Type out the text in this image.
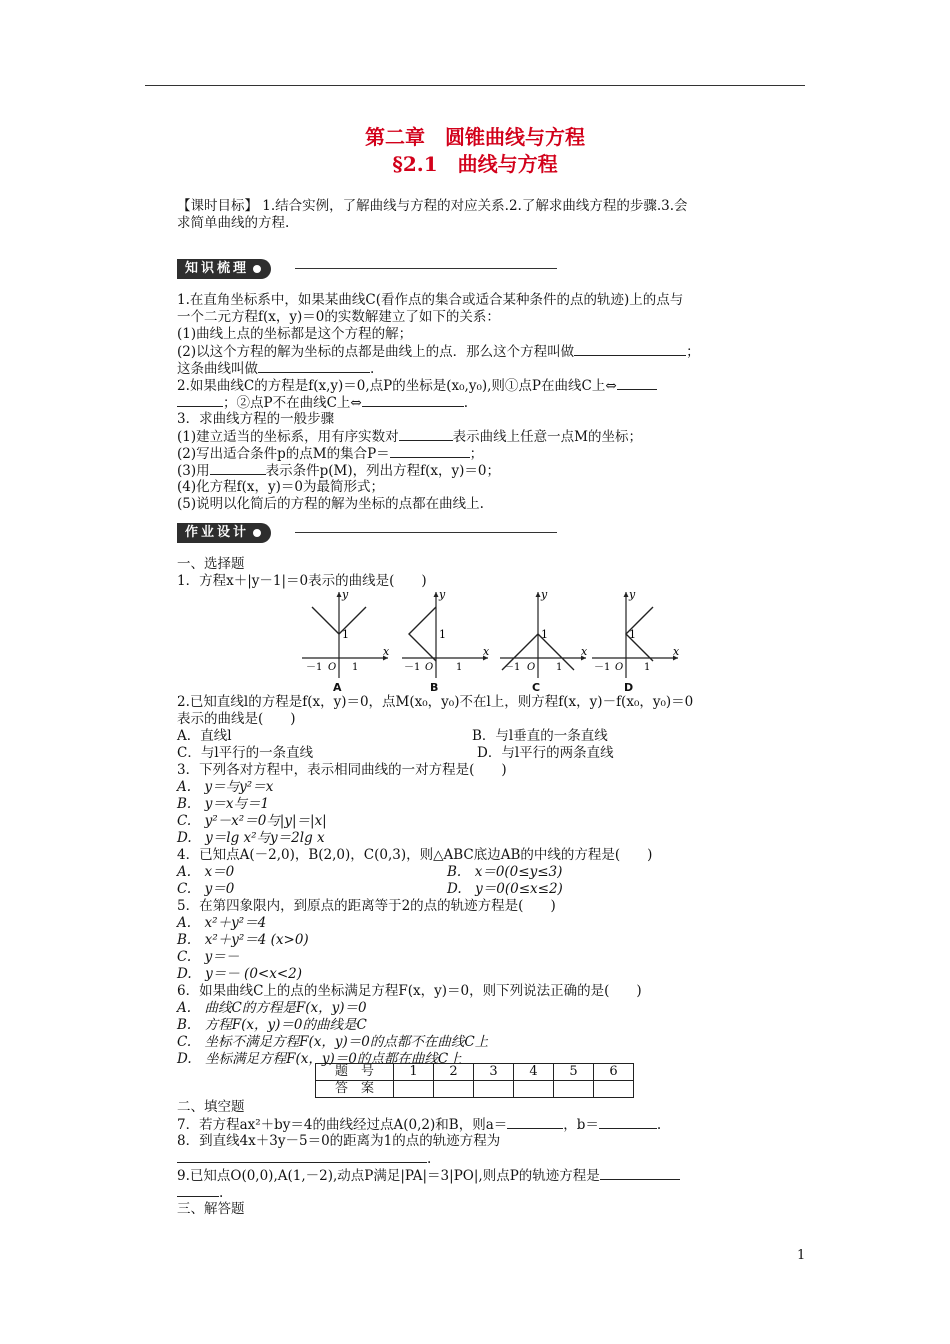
第二章　圆锥曲线与方程
§2.1　曲线与方程
【课时目标】 1.结合实例，了解曲线与方程的对应关系.2.了解求曲线方程的步骤.3.会
求简单曲线的方程.
知识梳理
1.在直角坐标系中，如果某曲线C(看作点的集合或适合某种条件的点的轨迹)上的点与
一个二元方程f(x，y)＝0的实数解建立了如下的关系：
(1)曲线上点的坐标都是这个方程的解；
(2)以这个方程的解为坐标的点都是曲线上的点．那么这个方程叫做	；
这条曲线叫做	.
2.如果曲线C的方程是f(x,y)＝0,点P的坐标是(x₀,y₀),则①点P在曲线C上⇔
；②点P不在曲线C上⇔	.
3．求曲线方程的一般步骤
(1)建立适当的坐标系，用有序实数对	表示曲线上任意一点M的坐标；
(2)写出适合条件p的点M的集合P＝	；
(3)用	表示条件p(M)，列出方程f(x，y)＝0；
(4)化方程f(x，y)＝0为最简形式；
(5)说明以化简后的方程的解为坐标的点都在曲线上.
作业设计
一、选择题
1．方程x＋|y－1|＝0表示的曲线是(　　)
y
x
1
－1 O 1
A
y
x
1
－1 O 1
B
y
x
1
－1 O 1
C
y
x
1
－1 O 1
D
2.已知直线l的方程是f(x，y)＝0，点M(x₀，y₀)不在l上，则方程f(x，y)－f(x₀，y₀)＝0
表示的曲线是(　　)
A．直线l	B．与l垂直的一条直线
C．与l平行的一条直线	D．与l平行的两条直线
3．下列各对方程中，表示相同曲线的一对方程是(　　)
A.　y＝与y²＝x
B.　y＝x与＝1
C.　y²－x²＝0与|y|＝|x|
D.　y＝lg x²与y＝2lg x
4．已知点A(－2,0)，B(2,0)，C(0,3)，则△ABC底边AB的中线的方程是(　　)
A.　x＝0	B.　x＝0(0≤y≤3)
C.　y＝0	D.　y＝0(0≤x≤2)
5．在第四象限内，到原点的距离等于2的点的轨迹方程是(　　)
A.　x²＋y²＝4
B.　x²＋y²＝4 (x>0)
C.　y＝－
D.　y＝－ (0<x<2)
6．如果曲线C上的点的坐标满足方程F(x，y)＝0，则下列说法正确的是(　　)
A.　曲线C的方程是F(x，y)＝0
B.　方程F(x，y)＝0的曲线是C
C.　坐标不满足方程F(x，y)＝0的点都不在曲线C上
D.　坐标满足方程F(x，y)＝0的点都在曲线C上
题　号	1	2	3	4	5	6
答　案						
二、填空题
7．若方程ax²＋by＝4的曲线经过点A(0,2)和B，则a＝	，b＝	.
8．到直线4x＋3y－5＝0的距离为1的点的轨迹方程为
.
9.已知点O(0,0),A(1,－2),动点P满足|PA|＝3|PO|,则点P的轨迹方程是
.
三、解答题
1
